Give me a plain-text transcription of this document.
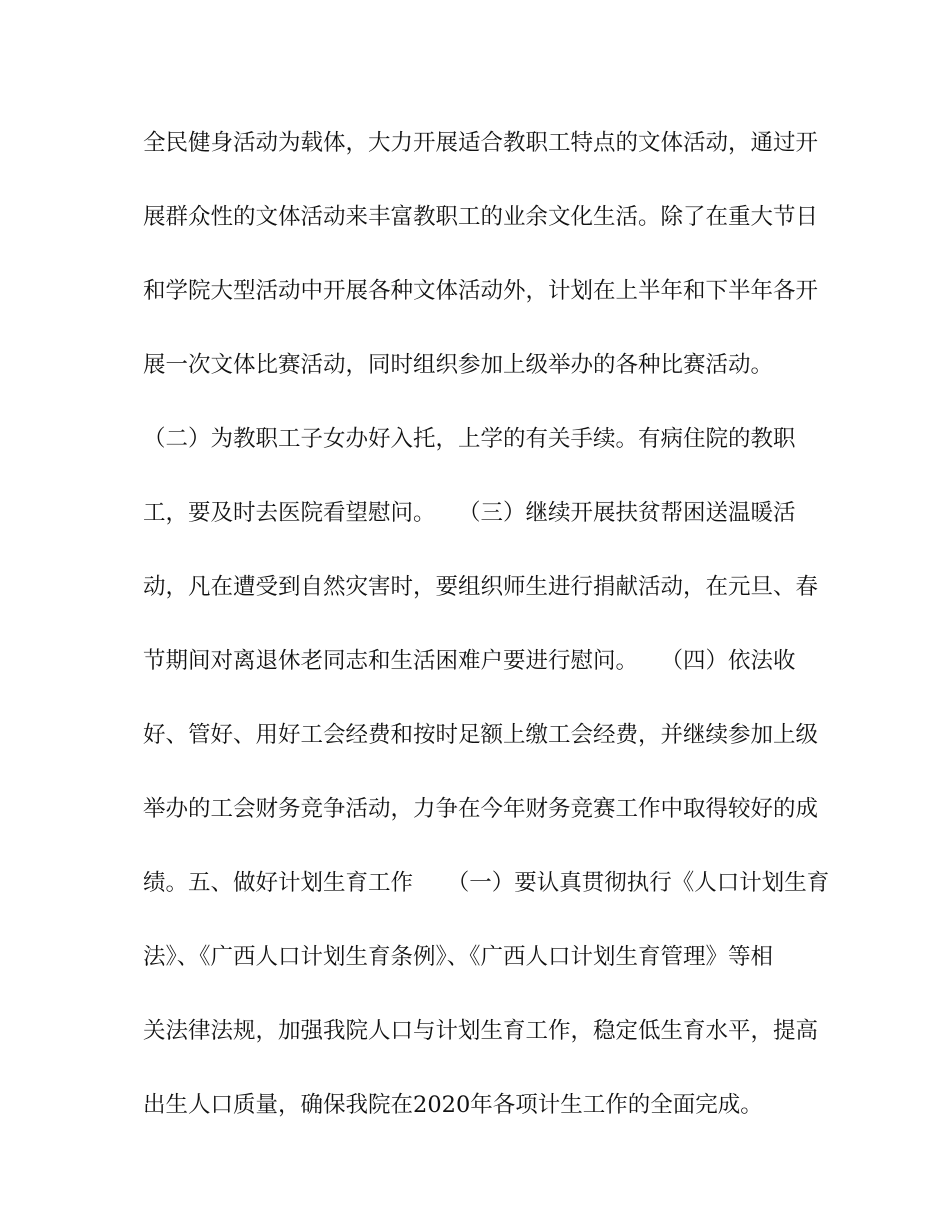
全民健身活动为载体，大力开展适合教职工特点的文体活动，通过开
展群众性的文体活动来丰富教职工的业余文化生活。除了在重大节日
和学院大型活动中开展各种文体活动外，计划在上半年和下半年各开
展一次文体比赛活动，同时组织参加上级举办的各种比赛活动。
（二）为教职工子女办好入托，上学的有关手续。有病住院的教职
工，要及时去医院看望慰问。　　（三）继续开展扶贫帮困送温暖活
动，凡在遭受到自然灾害时，要组织师生进行捐献活动，在元旦、春
节期间对离退休老同志和生活困难户要进行慰问。　　（四）依法收
好、管好、用好工会经费和按时足额上缴工会经费，并继续参加上级
举办的工会财务竞争活动，力争在今年财务竞赛工作中取得较好的成
绩。五、做好计划生育工作　　（一）要认真贯彻执行《人口计划生育
法》、《广西人口计划生育条例》、《广西人口计划生育管理》等相
关法律法规，加强我院人口与计划生育工作，稳定低生育水平，提高
出生人口质量，确保我院在2020年各项计生工作的全面完成。
